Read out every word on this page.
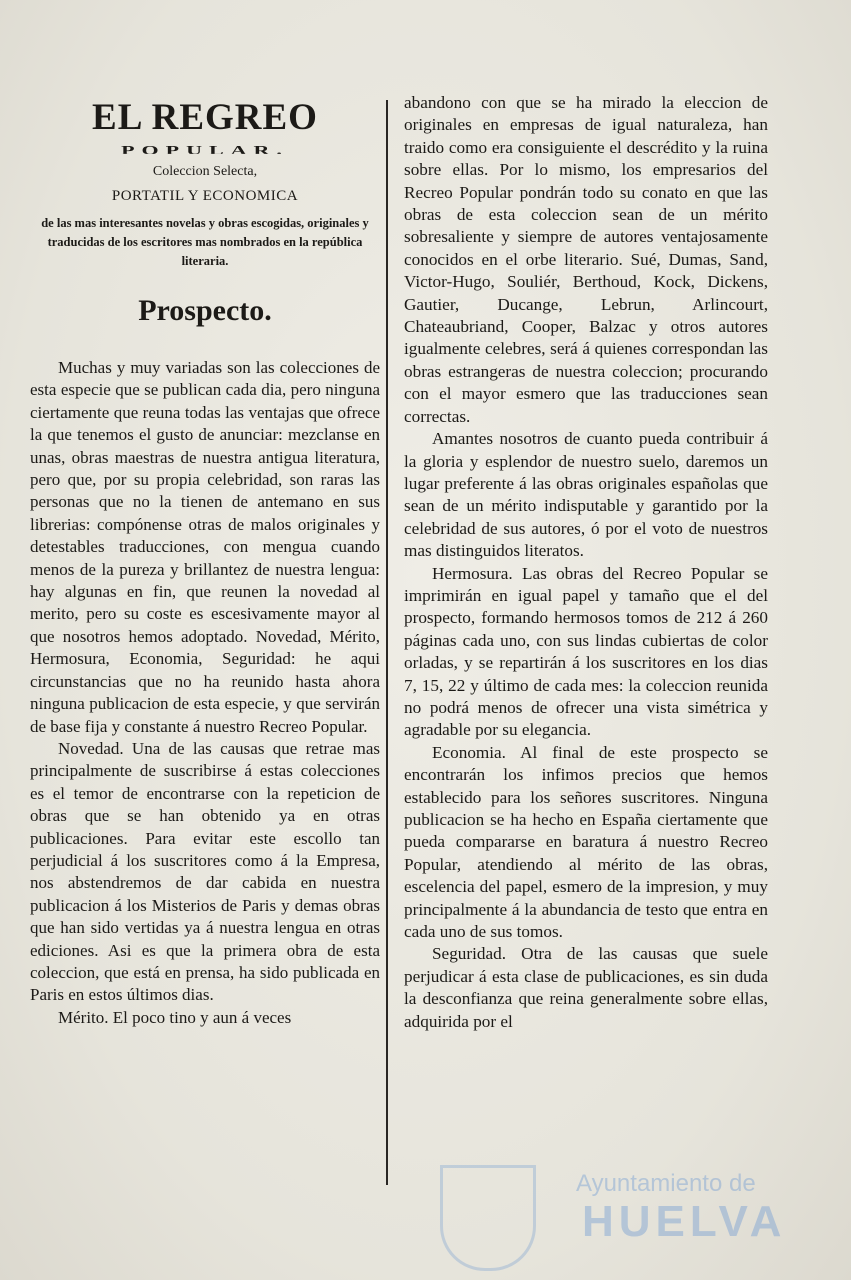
EL REGREO
POPULAR.

Coleccion Selecta,

PORTATIL Y ECONOMICA

de las mas interesantes novelas y obras escogidas, originales y traducidas de los escritores mas nombrados en la república literaria.

Prospecto.

Muchas y muy variadas son las colecciones de esta especie que se publican cada dia, pero ninguna ciertamente que reuna todas las ventajas que ofrece la que tenemos el gusto de anunciar: mezclanse en unas, obras maestras de nuestra antigua literatura, pero que, por su propia celebridad, son raras las personas que no la tienen de antemano en sus librerias: compónense otras de malos originales y detestables traducciones, con mengua cuando menos de la pureza y brillantez de nuestra lengua: hay algunas en fin, que reunen la novedad al merito, pero su coste es escesivamente mayor al que nosotros hemos adoptado. Novedad, Mérito, Hermosura, Economia, Seguridad: he aqui circunstancias que no ha reunido hasta ahora ninguna publicacion de esta especie, y que servirán de base fija y constante á nuestro Recreo Popular.

Novedad. Una de las causas que retrae mas principalmente de suscribirse á estas colecciones es el temor de encontrarse con la repeticion de obras que se han obtenido ya en otras publicaciones. Para evitar este escollo tan perjudicial á los suscritores como á la Empresa, nos abstendremos de dar cabida en nuestra publicacion á los Misterios de Paris y demas obras que han sido vertidas ya á nuestra lengua en otras ediciones. Asi es que la primera obra de esta coleccion, que está en prensa, ha sido publicada en Paris en estos últimos dias.

Mérito. El poco tino y aun á veces

abandono con que se ha mirado la eleccion de originales en empresas de igual naturaleza, han traido como era consiguiente el descrédito y la ruina sobre ellas. Por lo mismo, los empresarios del Recreo Popular pondrán todo su conato en que las obras de esta coleccion sean de un mérito sobresaliente y siempre de autores ventajosamente conocidos en el orbe literario. Sué, Dumas, Sand, Victor-Hugo, Souliér, Berthoud, Kock, Dickens, Gautier, Ducange, Lebrun, Arlincourt, Chateaubriand, Cooper, Balzac y otros autores igualmente celebres, será á quienes correspondan las obras estrangeras de nuestra coleccion; procurando con el mayor esmero que las traducciones sean correctas.

Amantes nosotros de cuanto pueda contribuir á la gloria y esplendor de nuestro suelo, daremos un lugar preferente á las obras originales españolas que sean de un mérito indisputable y garantido por la celebridad de sus autores, ó por el voto de nuestros mas distinguidos literatos.

Hermosura. Las obras del Recreo Popular se imprimirán en igual papel y tamaño que el del prospecto, formando hermosos tomos de 212 á 260 páginas cada uno, con sus lindas cubiertas de color orladas, y se repartirán á los suscritores en los dias 7, 15, 22 y último de cada mes: la coleccion reunida no podrá menos de ofrecer una vista simétrica y agradable por su elegancia.

Economia. Al final de este prospecto se encontrarán los infimos precios que hemos establecido para los señores suscritores. Ninguna publicacion se ha hecho en España ciertamente que pueda compararse en baratura á nuestro Recreo Popular, atendiendo al mérito de las obras, escelencia del papel, esmero de la impresion, y muy principalmente á la abundancia de testo que entra en cada uno de sus tomos.

Seguridad. Otra de las causas que suele perjudicar á esta clase de publicaciones, es sin duda la desconfianza que reina generalmente sobre ellas, adquirida por el

Ayuntamiento de

HUELVA
